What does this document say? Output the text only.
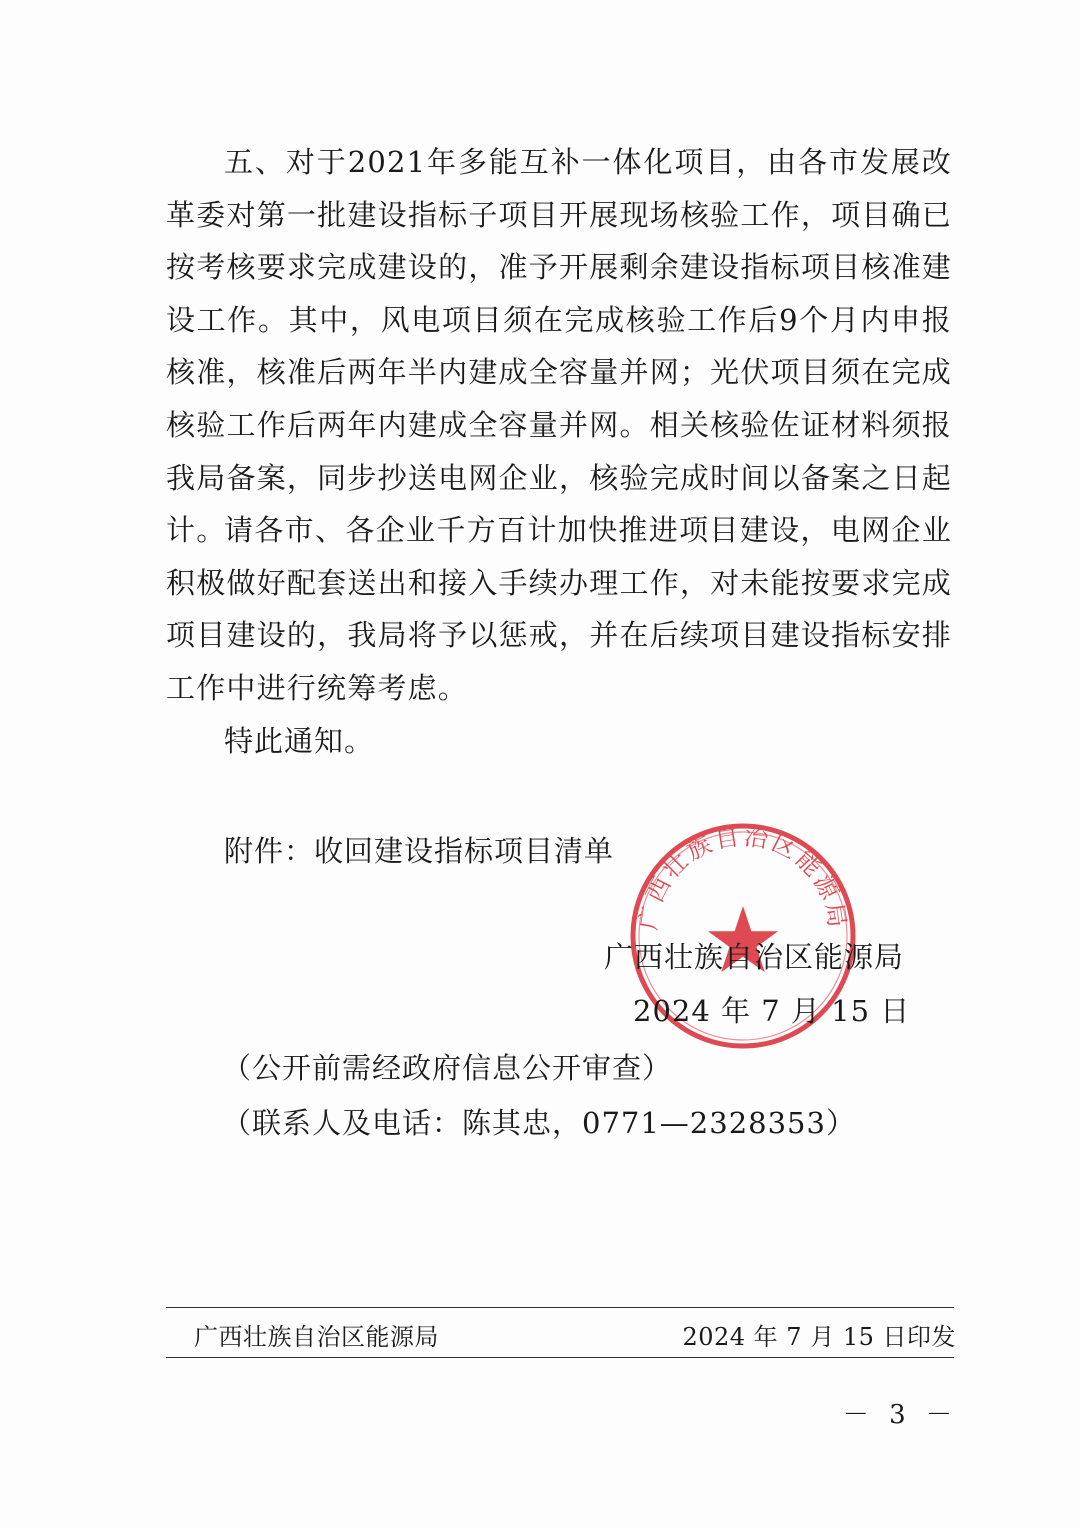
五、对于2021年多能互补一体化项目，由各市发展改革委对第一批建设指标子项目开展现场核验工作，项目确已按考核要求完成建设的，准予开展剩余建设指标项目核准建设工作。其中，风电项目须在完成核验工作后9个月内申报核准，核准后两年半内建成全容量并网；光伏项目须在完成核验工作后两年内建成全容量并网。相关核验佐证材料须报我局备案，同步抄送电网企业，核验完成时间以备案之日起计。

请各市、各企业千方百计加快推进项目建设，电网企业积极做好配套送出和接入手续办理工作，对未能按要求完成项目建设的，我局将予以惩戒，并在后续项目建设指标安排工作中进行统筹考虑。

特此通知。
附件：收回建设指标项目清单
广西壮族自治区能源局
广西壮族自治区能源局
2024 年 7 月 15 日
（公开前需经政府信息公开审查）
（联系人及电话：陈其忠，0771—2328353）
广西壮族自治区能源局	2024 年 7 月 15 日印发
－ 3 －
